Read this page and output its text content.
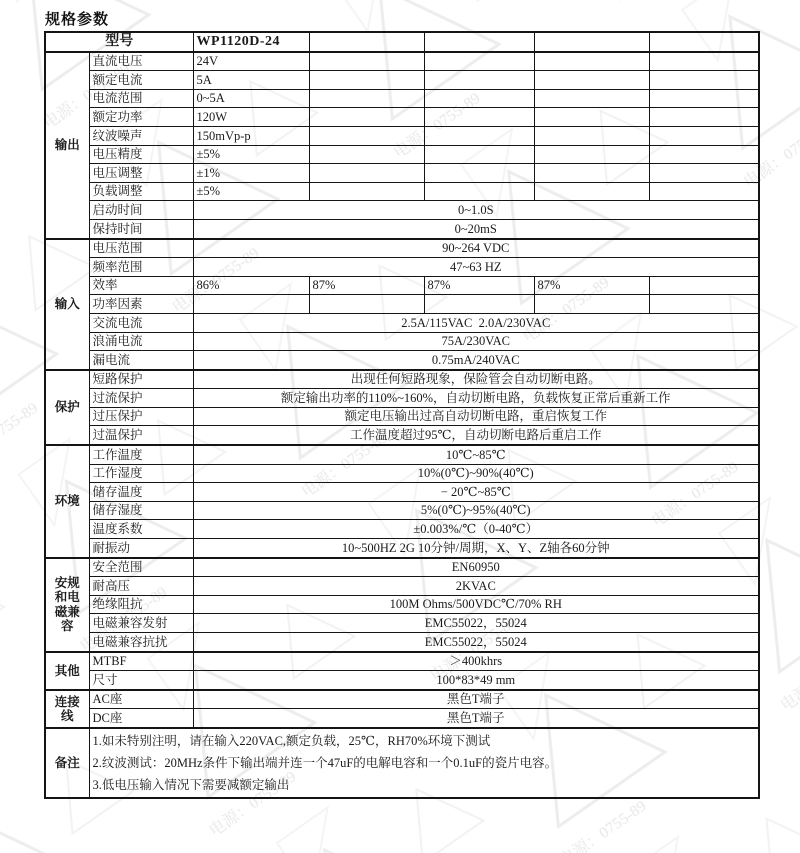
规格参数
型号		WP1120D-24				
输出	直流电压	24V				
	额定电流	5A				
	电流范围	0~5A				
	额定功率	120W				
	纹波噪声	150mVp-p				
	电压精度	±5%				
	电压调整	±1%				
	负载调整	±5%				
	启动时间	0~1.0S				
	保持时间	0~20mS				
输入	电压范围	90~264 VDC				
	频率范围	47~63 HZ				
	效率	86%	87%	87%	87%	
	功率因素					
	交流电流	2.5A/115VAC  2.0A/230VAC				
	浪涌电流	75A/230VAC				
	漏电流	0.75mA/240VAC				
保护	短路保护	出现任何短路现象，保险管会自动切断电路。				
	过流保护	额定输出功率的110%~160%，自动切断电路，负载恢复正常后重新工作				
	过压保护	额定电压输出过高自动切断电路，重启恢复工作				
	过温保护	工作温度超过95℃，自动切断电路后重启工作				
环境	工作温度	10℃~85℃				
	工作湿度	10%(0℃)~90%(40℃)				
	储存温度	− 20℃~85℃				
	储存湿度	5%(0℃)~95%(40℃)				
	温度系数	±0.003%/℃（0-40℃）				
	耐振动	10~500HZ 2G 10分钟/周期，X、Y、Z轴各60分钟				
安规和电磁兼容	安全范围	EN60950				
	耐高压	2KVAC				
	绝缘阻抗	100M Ohms/500VDC℃/70% RH				
	电磁兼容发射	EMC55022，55024				
	电磁兼容抗扰	EMC55022，55024				
其他	MTBF	＞400khrs				
	尺寸	100*83*49 mm				
连接线	AC座	黑色T端子				
	DC座	黑色T端子				
备注	1.如未特别注明，请在输入220VAC,额定负载，25℃，RH70%环境下测试
2.纹波测试：20MHz条件下输出端并连一个47uF的电解电容和一个0.1uF的瓷片电容。
3.低电压输入情况下需要减额定输出					
